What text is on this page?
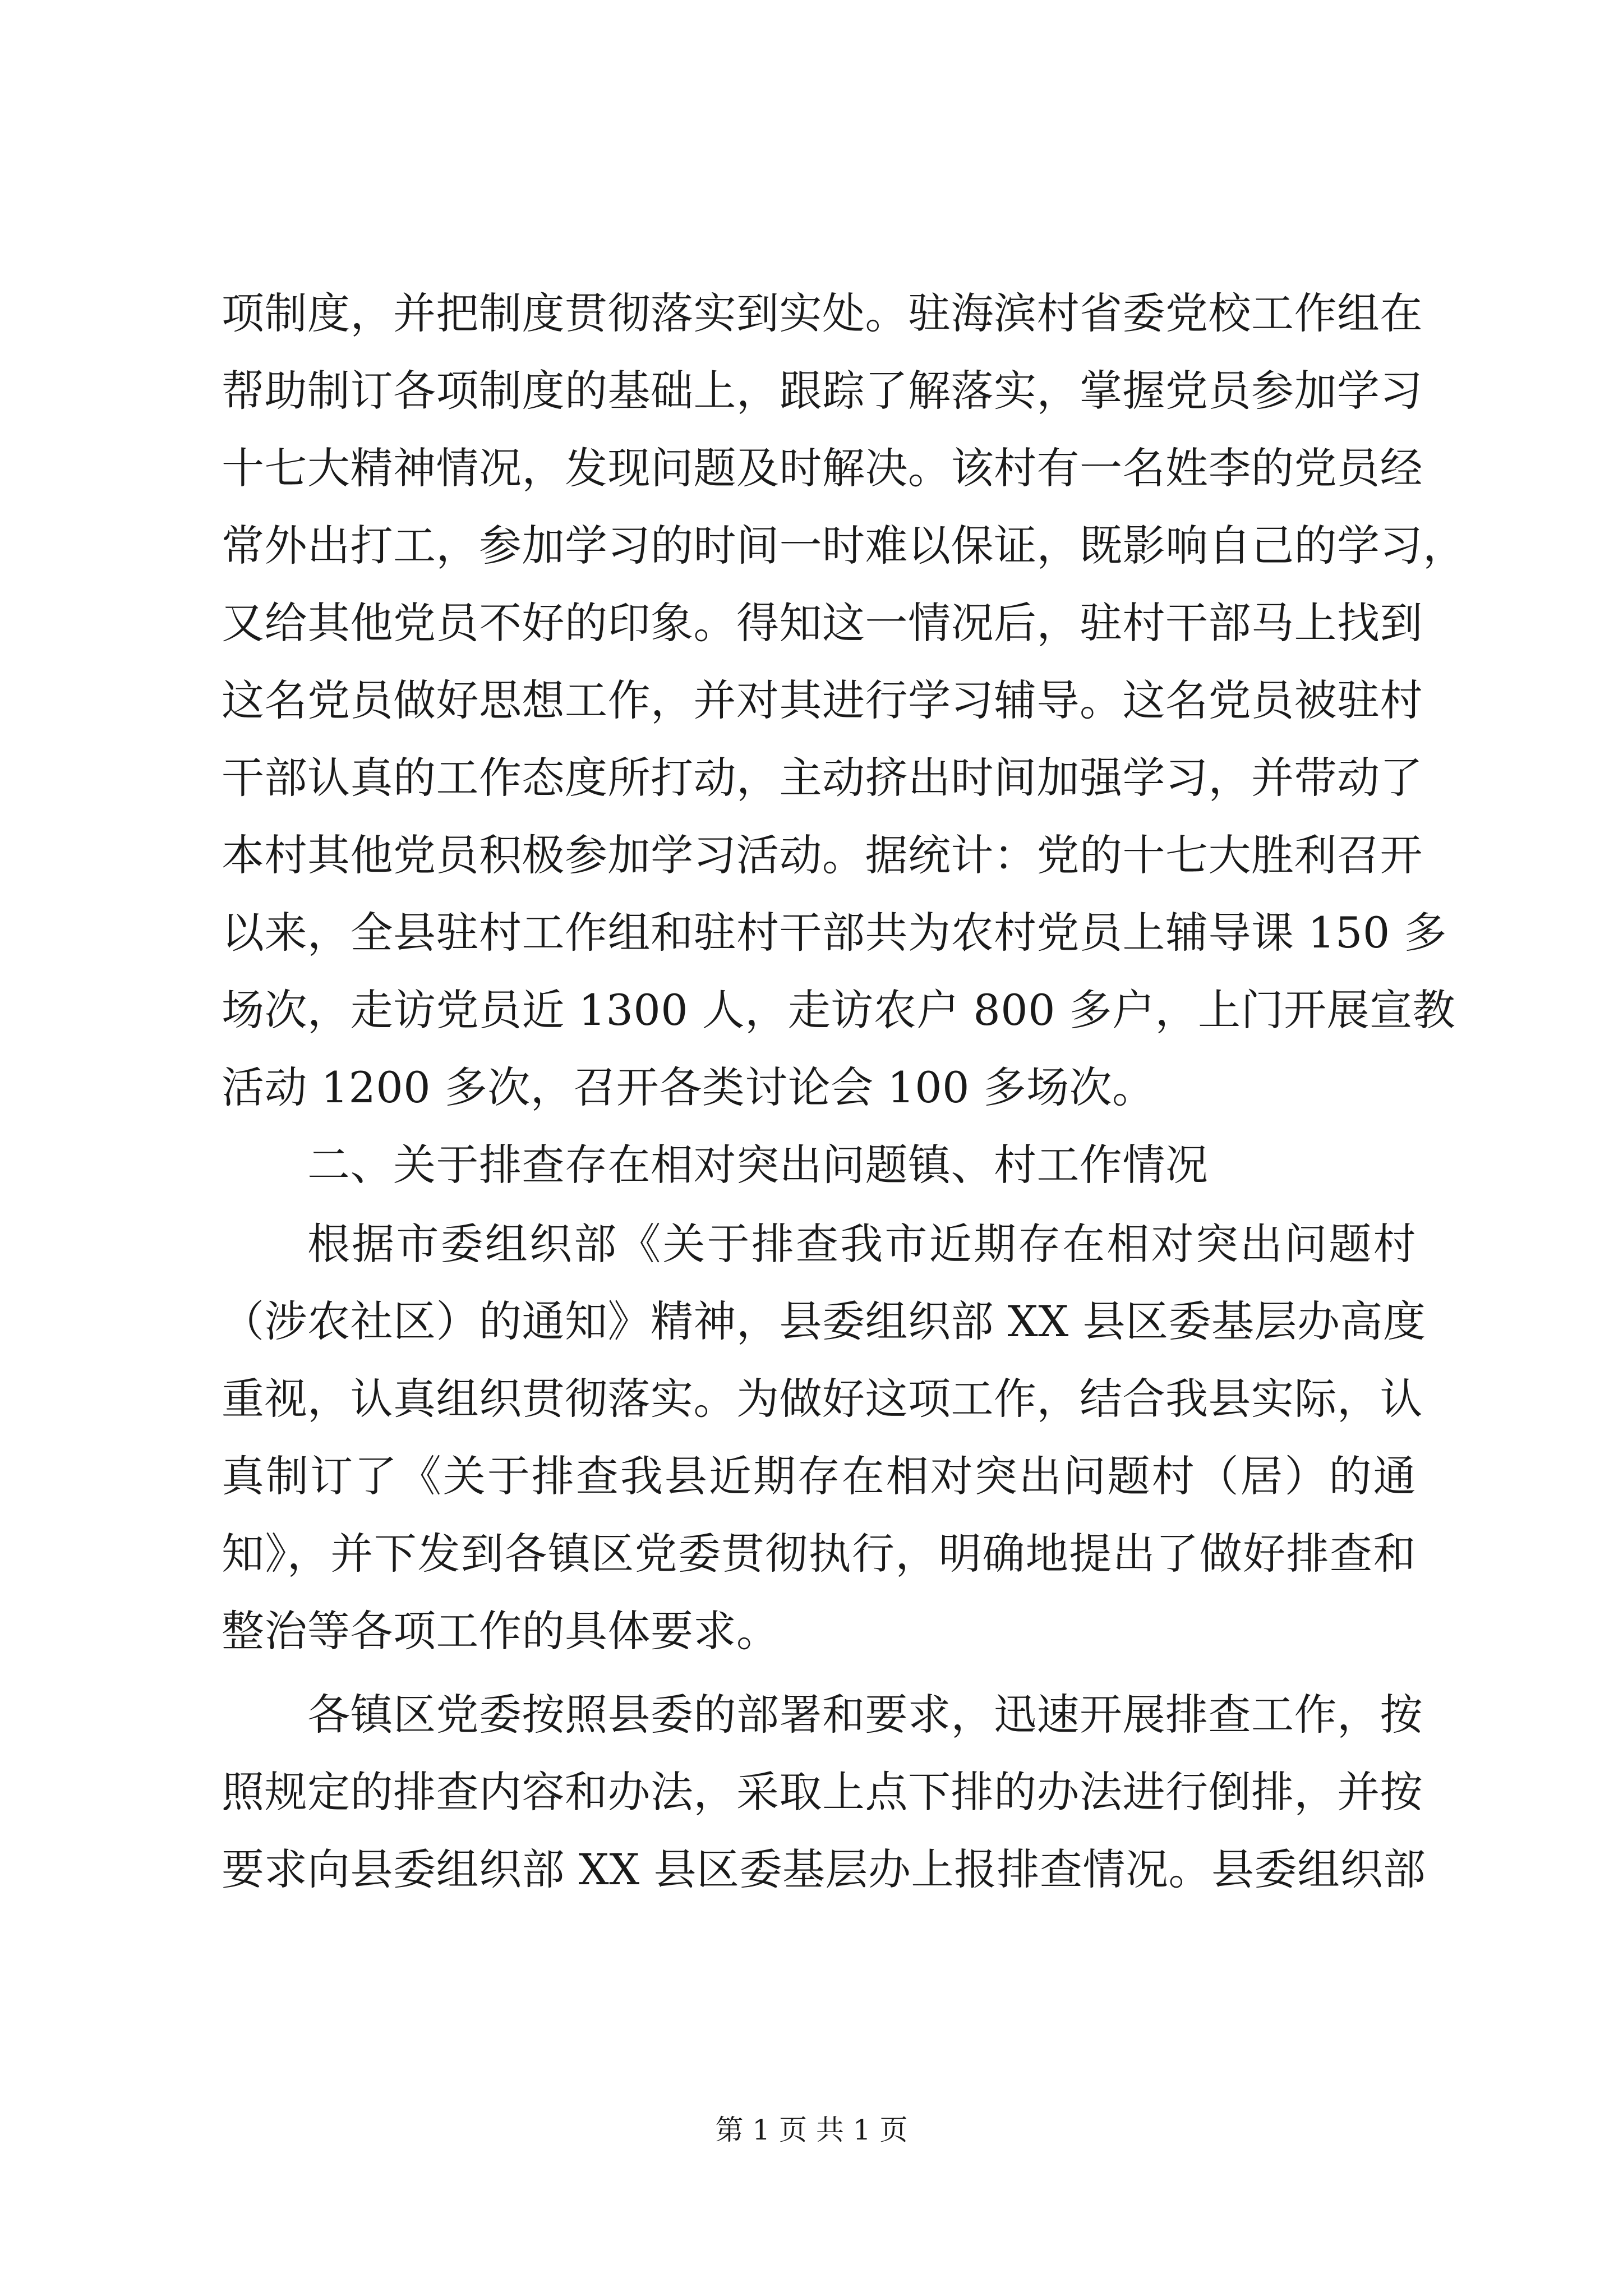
项制度，并把制度贯彻落实到实处。驻海滨村省委党校工作组在
帮助制订各项制度的基础上，跟踪了解落实，掌握党员参加学习
十七大精神情况，发现问题及时解决。该村有一名姓李的党员经
常外出打工，参加学习的时间一时难以保证，既影响自己的学习，
又给其他党员不好的印象。得知这一情况后，驻村干部马上找到
这名党员做好思想工作，并对其进行学习辅导。这名党员被驻村
干部认真的工作态度所打动，主动挤出时间加强学习，并带动了
本村其他党员积极参加学习活动。据统计：党的十七大胜利召开
以来，全县驻村工作组和驻村干部共为农村党员上辅导课 150 多
场次，走访党员近 1300 人，走访农户 800 多户，上门开展宣教
活动 1200 多次，召开各类讨论会 100 多场次。
二、关于排查存在相对突出问题镇、村工作情况
根据市委组织部《关于排查我市近期存在相对突出问题村
（涉农社区）的通知》精神，县委组织部 XX 县区委基层办高度
重视，认真组织贯彻落实。为做好这项工作，结合我县实际，认
真制订了《关于排查我县近期存在相对突出问题村（居）的通
知》，并下发到各镇区党委贯彻执行，明确地提出了做好排查和
整治等各项工作的具体要求。
各镇区党委按照县委的部署和要求，迅速开展排查工作，按
照规定的排查内容和办法，采取上点下排的办法进行倒排，并按
要求向县委组织部 XX 县区委基层办上报排查情况。县委组织部
第 1 页 共 1 页
